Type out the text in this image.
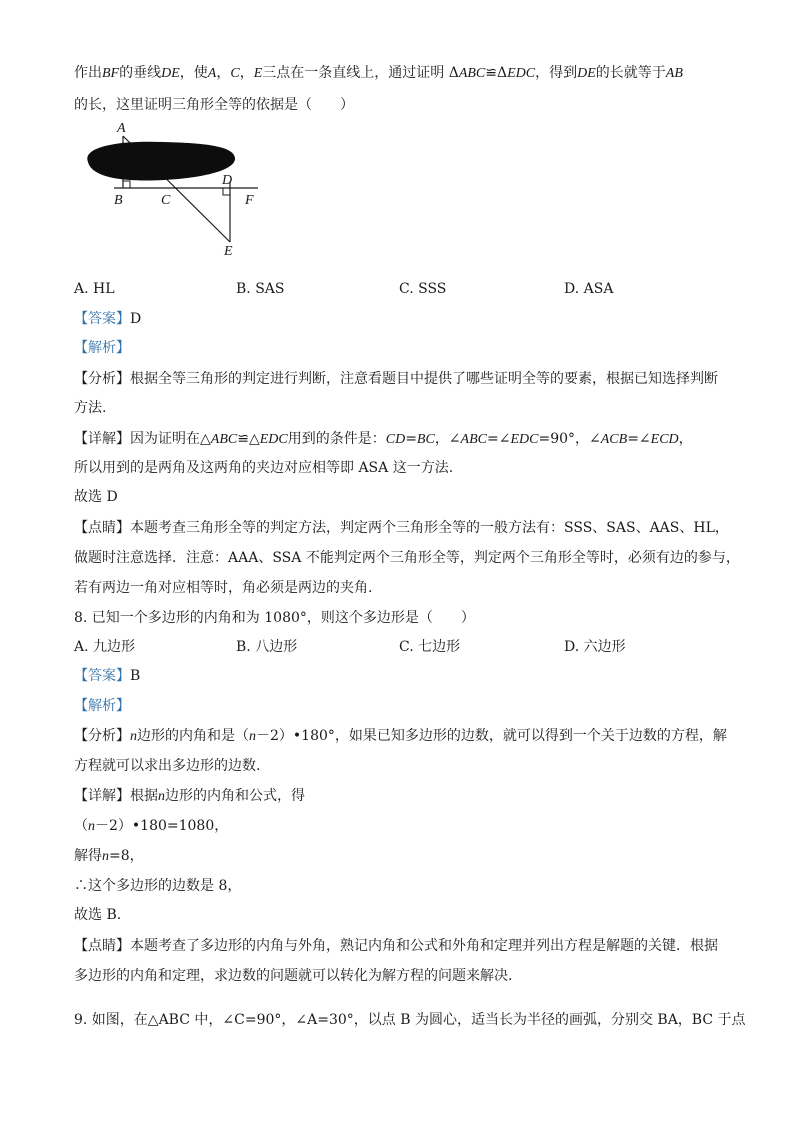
作出BF的垂线DE，使A，C，E三点在一条直线上，通过证明 ΔABC≌ΔEDC，得到DE的长就等于AB
的长，这里证明三角形全等的依据是（　　）
A
B	C
D
F
E
A. HL	B. SAS	C. SSS	D. ASA
【答案】D
【解析】
【分析】根据全等三角形的判定进行判断，注意看题目中提供了哪些证明全等的要素，根据已知选择判断
方法.
【详解】因为证明在△ABC≌△EDC用到的条件是：CD=BC，∠ABC=∠EDC=90°，∠ACB=∠ECD，
所以用到的是两角及这两角的夹边对应相等即 ASA 这一方法.
故选 D
【点睛】本题考查三角形全等的判定方法，判定两个三角形全等的一般方法有：SSS、SAS、AAS、HL，
做题时注意选择．注意：AAA、SSA 不能判定两个三角形全等，判定两个三角形全等时，必须有边的参与，
若有两边一角对应相等时，角必须是两边的夹角.
8. 已知一个多边形的内角和为 1080°，则这个多边形是（　　）
A. 九边形	B. 八边形	C. 七边形	D. 六边形
【答案】B
【解析】
【分析】n边形的内角和是（n－2）•180°，如果已知多边形的边数，就可以得到一个关于边数的方程，解
方程就可以求出多边形的边数.
【详解】根据n边形的内角和公式，得
（n－2）•180=1080，
解得n=8，
∴这个多边形的边数是 8，
故选 B.
【点睛】本题考查了多边形的内角与外角，熟记内角和公式和外角和定理并列出方程是解题的关键．根据
多边形的内角和定理，求边数的问题就可以转化为解方程的问题来解决.
9. 如图，在△ABC 中，∠C=90°，∠A=30°，以点 B 为圆心，适当长为半径的画弧，分别交 BA，BC 于点
